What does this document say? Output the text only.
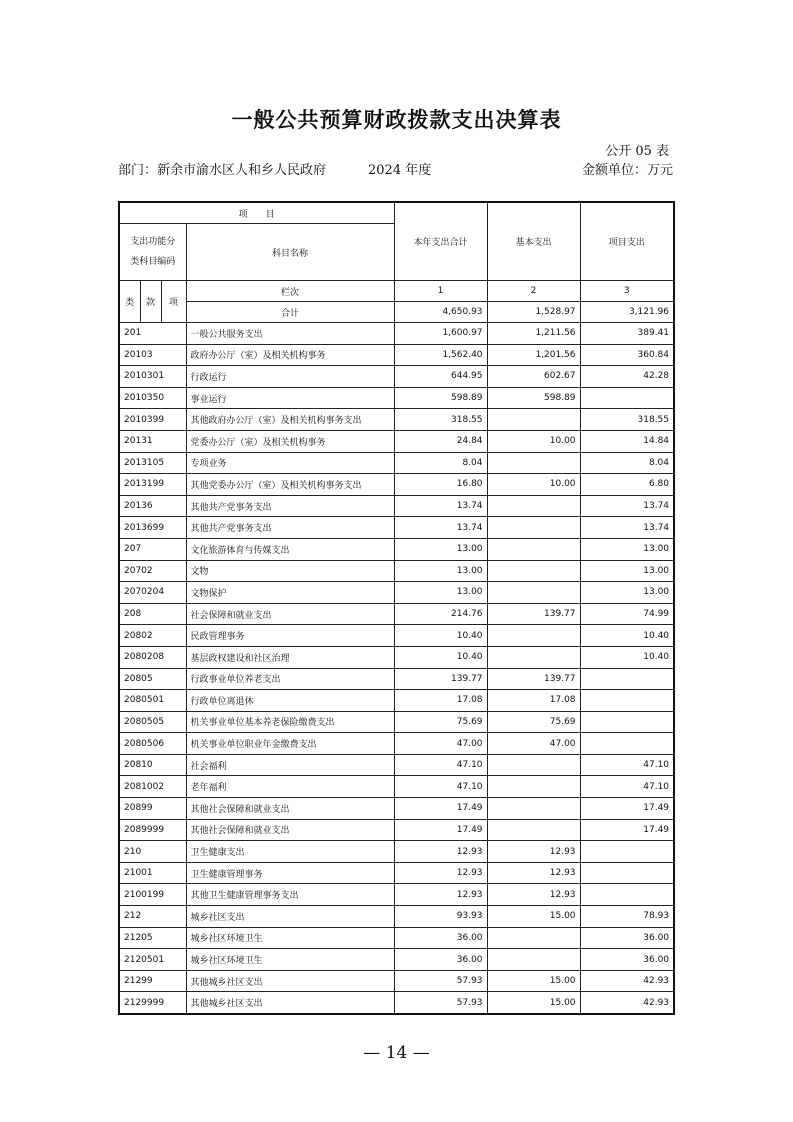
一般公共预算财政拨款支出决算表
公开 05 表
部门：新余市渝水区人和乡人民政府	2024 年度	金额单位：万元
项　　目				本年支出合计	基本支出	项目支出
支出功能分类科目编码			科目名称			
类	款	项	栏次	1	2	3
			合计	4,650.93	1,528.97	3,121.96
201			一般公共服务支出	1,600.97	1,211.56	389.41
20103			政府办公厅（室）及相关机构事务	1,562.40	1,201.56	360.84
2010301			行政运行	644.95	602.67	42.28
2010350			事业运行	598.89	598.89	
2010399			其他政府办公厅（室）及相关机构事务支出	318.55		318.55
20131			党委办公厅（室）及相关机构事务	24.84	10.00	14.84
2013105			专项业务	8.04		8.04
2013199			其他党委办公厅（室）及相关机构事务支出	16.80	10.00	6.80
20136			其他共产党事务支出	13.74		13.74
2013699			其他共产党事务支出	13.74		13.74
207			文化旅游体育与传媒支出	13.00		13.00
20702			文物	13.00		13.00
2070204			文物保护	13.00		13.00
208			社会保障和就业支出	214.76	139.77	74.99
20802			民政管理事务	10.40		10.40
2080208			基层政权建设和社区治理	10.40		10.40
20805			行政事业单位养老支出	139.77	139.77	
2080501			行政单位离退休	17.08	17.08	
2080505			机关事业单位基本养老保险缴费支出	75.69	75.69	
2080506			机关事业单位职业年金缴费支出	47.00	47.00	
20810			社会福利	47.10		47.10
2081002			老年福利	47.10		47.10
20899			其他社会保障和就业支出	17.49		17.49
2089999			其他社会保障和就业支出	17.49		17.49
210			卫生健康支出	12.93	12.93	
21001			卫生健康管理事务	12.93	12.93	
2100199			其他卫生健康管理事务支出	12.93	12.93	
212			城乡社区支出	93.93	15.00	78.93
21205			城乡社区环境卫生	36.00		36.00
2120501			城乡社区环境卫生	36.00		36.00
21299			其他城乡社区支出	57.93	15.00	42.93
2129999			其他城乡社区支出	57.93	15.00	42.93
— 14 —
